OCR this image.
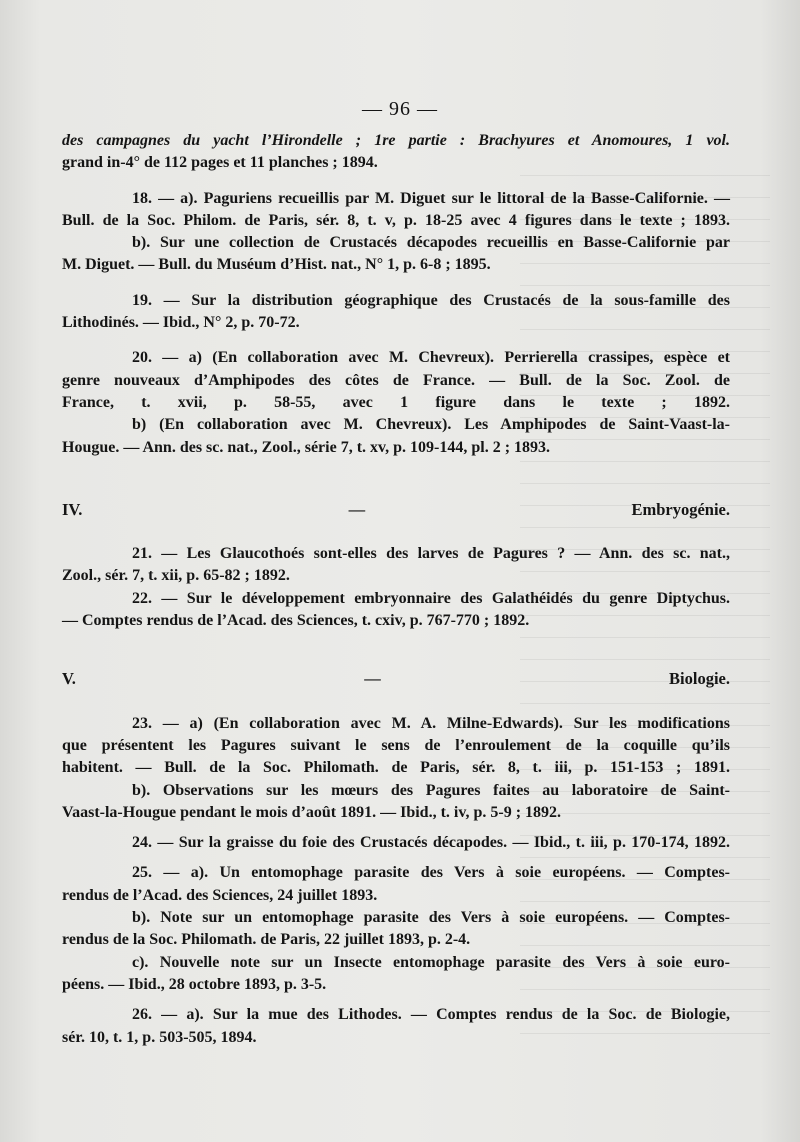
— 96 —

des campagnes du yacht l’Hirondelle ; 1re partie : Brachyures et Anomoures, 1 vol.

grand in-4° de 112 pages et 11 planches ; 1894.

18. — a). Paguriens recueillis par M. Diguet sur le littoral de la Basse-Californie. —

Bull. de la Soc. Philom. de Paris, sér. 8, t. v, p. 18-25 avec 4 figures dans le texte ; 1893.

b). Sur une collection de Crustacés décapodes recueillis en Basse-Californie par

M. Diguet. — Bull. du Muséum d’Hist. nat., N° 1, p. 6-8 ; 1895.

19. — Sur la distribution géographique des Crustacés de la sous-famille des

Lithodinés. — Ibid., N° 2, p. 70-72.

20. — a) (En collaboration avec M. Chevreux). Perrierella crassipes, espèce et

genre nouveaux d’Amphipodes des côtes de France. — Bull. de la Soc. Zool. de

France, t. xvii, p. 58-55, avec 1 figure dans le texte ; 1892.

b) (En collaboration avec M. Chevreux). Les Amphipodes de Saint-Vaast-la-

Hougue. — Ann. des sc. nat., Zool., série 7, t. xv, p. 109-144, pl. 2 ; 1893.

IV. — Embryogénie.

21. — Les Glaucothoés sont-elles des larves de Pagures ? — Ann. des sc. nat.,

Zool., sér. 7, t. xii, p. 65-82 ; 1892.

22. — Sur le développement embryonnaire des Galathéidés du genre Diptychus.

— Comptes rendus de l’Acad. des Sciences, t. cxiv, p. 767-770 ; 1892.

V. — Biologie.

23. — a) (En collaboration avec M. A. Milne-Edwards). Sur les modifications

que présentent les Pagures suivant le sens de l’enroulement de la coquille qu’ils

habitent. — Bull. de la Soc. Philomath. de Paris, sér. 8, t. iii, p. 151-153 ; 1891.

b). Observations sur les mœurs des Pagures faites au laboratoire de Saint-

Vaast-la-Hougue pendant le mois d’août 1891. — Ibid., t. iv, p. 5-9 ; 1892.

24. — Sur la graisse du foie des Crustacés décapodes. — Ibid., t. iii, p. 170-174, 1892.

25. — a). Un entomophage parasite des Vers à soie européens. — Comptes-

rendus de l’Acad. des Sciences, 24 juillet 1893.

b). Note sur un entomophage parasite des Vers à soie européens. — Comptes-

rendus de la Soc. Philomath. de Paris, 22 juillet 1893, p. 2-4.

c). Nouvelle note sur un Insecte entomophage parasite des Vers à soie euro-

péens. — Ibid., 28 octobre 1893, p. 3-5.

26. — a). Sur la mue des Lithodes. — Comptes rendus de la Soc. de Biologie,

sér. 10, t. 1, p. 503-505, 1894.
